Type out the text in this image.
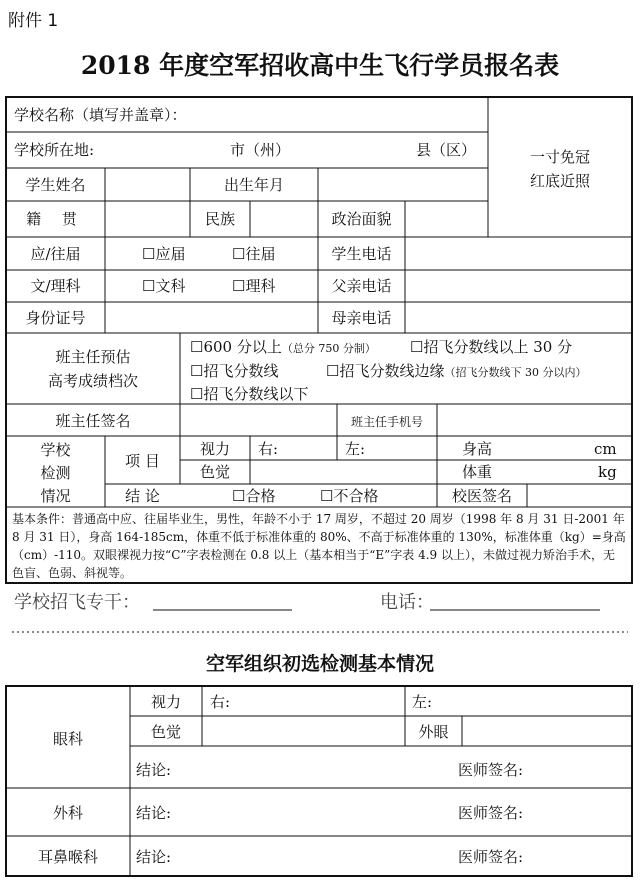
附件 1
2018 年度空军招收高中生飞行学员报名表
学校名称（填写并盖章）：
学校所在地:	市（州）	县（区）	一寸免冠
红底近照
学生姓名	出生年月
籍 贯	民族	政治面貌
应/往届	☐应届	☐往届	学生电话
文/理科	☐文科	☐理科	父亲电话
身份证号	母亲电话
班主任预估
高考成绩档次
☐600 分以上（总分 750 分制） ☐招飞分数线以上 30 分
☐招飞分数线	☐招飞分数线边缘（招飞分数线下 30 分以内）
☐招飞分数线以下
班主任签名	班主任手机号
学校
检测
情况
项 目
视力	右:	左:	身高	cm
色觉	体重	kg
结 论	☐合格	☐不合格	校医签名
基本条件：普通高中应、往届毕业生，男性，年龄不小于 17 周岁，不超过 20 周岁（1998 年 8 月 31 日-2001 年 8 月 31 日），身高 164-185cm，体重不低于标准体重的 80%、不高于标准体重的 130%，标准体重（kg）=身高（cm）-110。双眼裸视力按“C”字表检测在 0.8 以上（基本相当于“E”字表 4.9 以上），未做过视力矫治手术，无色盲、色弱、斜视等。
学校招飞专干：	电话：
空军组织初选检测基本情况
眼科
视力	右:	左:
色觉	外眼
结论:	医师签名:
外科	结论:	医师签名:
耳鼻喉科	结论:	医师签名:
